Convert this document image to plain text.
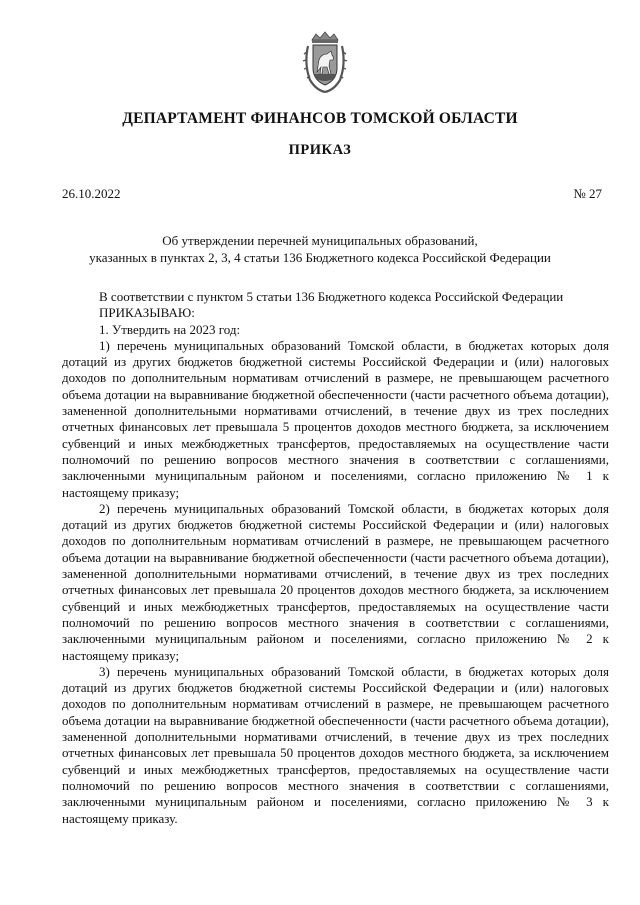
ДЕПАРТАМЕНТ ФИНАНСОВ ТОМСКОЙ ОБЛАСТИ
ПРИКАЗ
26.10.2022	№ 27
Об утверждении перечней муниципальных образований,
указанных в пунктах 2, 3, 4 статьи 136 Бюджетного кодекса Российской Федерации
В соответствии с пунктом 5 статьи 136 Бюджетного кодекса Российской Федерации
ПРИКАЗЫВАЮ:
1. Утвердить на 2023 год:
1) перечень муниципальных образований Томской области, в бюджетах которых доля дотаций из других бюджетов бюджетной системы Российской Федерации и (или) налоговых доходов по дополнительным нормативам отчислений в размере, не превышающем расчетного объема дотации на выравнивание бюджетной обеспеченности (части расчетного объема дотации), замененной дополнительными нормативами отчислений, в течение двух из трех последних отчетных финансовых лет превышала 5 процентов доходов местного бюджета, за исключением субвенций и иных межбюджетных трансфертов, предоставляемых на осуществление части полномочий по решению вопросов местного значения в соответствии с соглашениями, заключенными муниципальным районом и поселениями, согласно приложению № 1 к настоящему приказу;
2) перечень муниципальных образований Томской области, в бюджетах которых доля дотаций из других бюджетов бюджетной системы Российской Федерации и (или) налоговых доходов по дополнительным нормативам отчислений в размере, не превышающем расчетного объема дотации на выравнивание бюджетной обеспеченности (части расчетного объема дотации), замененной дополнительными нормативами отчислений, в течение двух из трех последних отчетных финансовых лет превышала 20 процентов доходов местного бюджета, за исключением субвенций и иных межбюджетных трансфертов, предоставляемых на осуществление части полномочий по решению вопросов местного значения в соответствии с соглашениями, заключенными муниципальным районом и поселениями, согласно приложению № 2 к настоящему приказу;
3) перечень муниципальных образований Томской области, в бюджетах которых доля дотаций из других бюджетов бюджетной системы Российской Федерации и (или) налоговых доходов по дополнительным нормативам отчислений в размере, не превышающем расчетного объема дотации на выравнивание бюджетной обеспеченности (части расчетного объема дотации), замененной дополнительными нормативами отчислений, в течение двух из трех последних отчетных финансовых лет превышала 50 процентов доходов местного бюджета, за исключением субвенций и иных межбюджетных трансфертов, предоставляемых на осуществление части полномочий по решению вопросов местного значения в соответствии с соглашениями, заключенными муниципальным районом и поселениями, согласно приложению № 3 к настоящему приказу.
